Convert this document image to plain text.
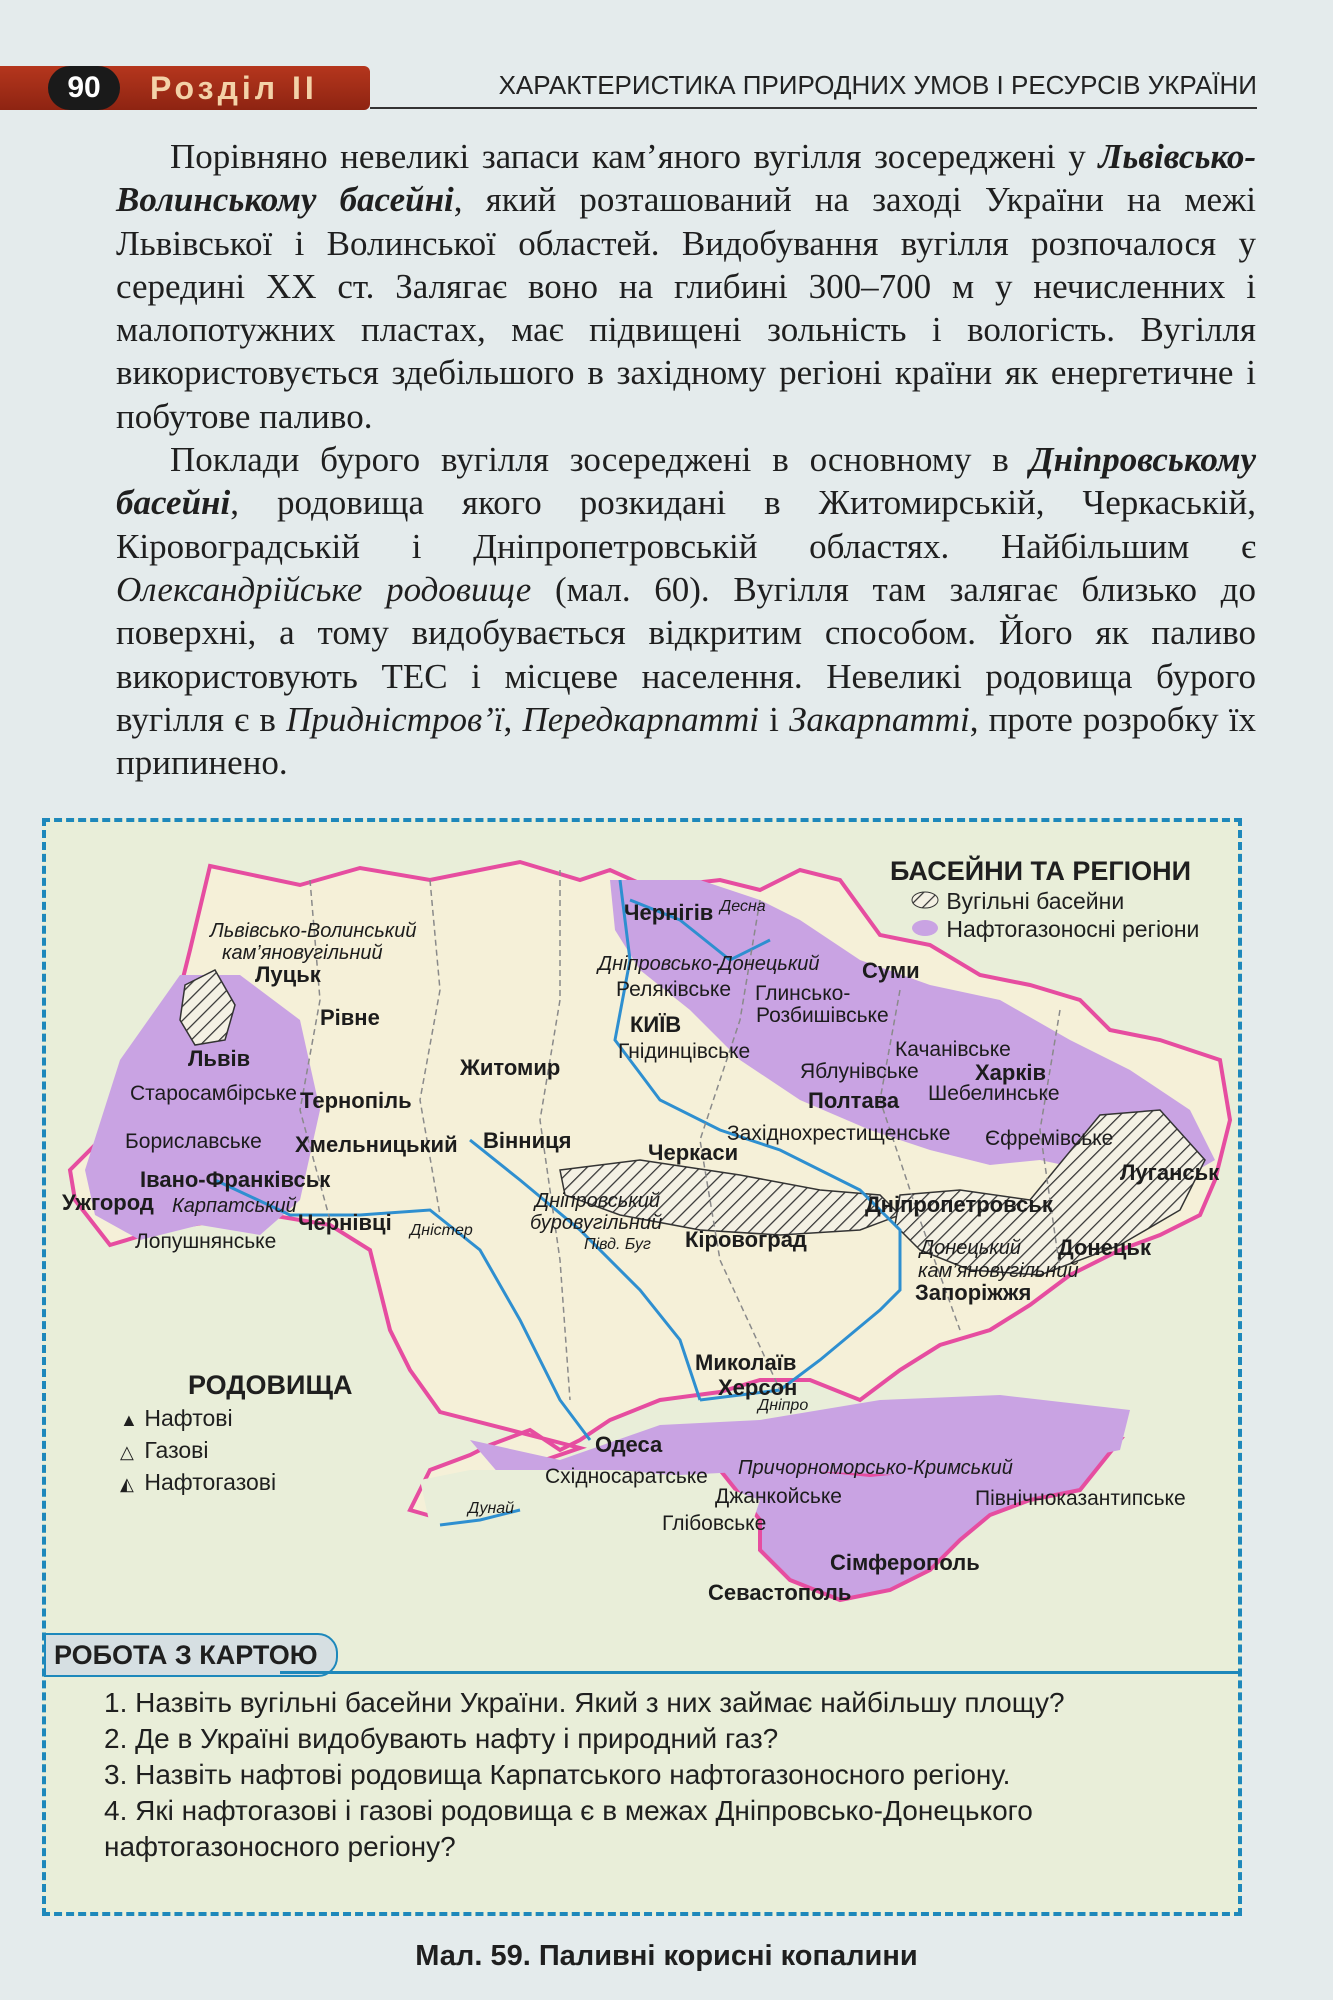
90	Розділ II	ХАРАКТЕРИСТИКА ПРИРОДНИХ УМОВ І РЕСУРСІВ УКРАЇНИ

Порівняно невеликі запаси кам’яного вугілля зосереджені у Львівсько-Волинському басейні, який розташований на заході України на межі Львівської і Волинської областей. Видобування вугілля розпочалося у середині XX ст. Залягає воно на глибині 300–700 м у нечисленних і малопотужних пластах, має підвищені зольність і вологість. Вугілля використовується здебільшого в західному регіоні країни як енергетичне і побутове паливо.

Поклади бурого вугілля зосереджені в основному в Дніпровському басейні, родовища якого розкидані в Житомирській, Черкаській, Кіровоградській і Дніпропетровській областях. Найбільшим є Олександрійське родовище (мал. 60). Вугілля там залягає близько до поверхні, а тому видобувається відкритим способом. Його як паливо використовують ТЕС і місцеве населення. Невеликі родовища бурого вугілля є в Придністров’ї, Передкарпатті і Закарпатті, проте розробку їх припинено.

БАСЕЙНИ ТА РЕГІОНИ
Вугільні басейни
Нафтогазоносні регіони
РОДОВИЩА
▲ Нафтові
△ Газові
◭ Нафтогазові
Львівсько-Волинський
кам’яновугільний
Луцьк
Рівне
Львів
Старосамбірське Тернопіль
Бориславське Хмельницький
Івано-Франківськ
Ужгород Карпатський
Лопушнянське
Чернівці Дністер
Житомир
Вінниця
Чернігів Десна
Дніпровсько-Донецький Суми
Реляківське Глинсько-
Розбишівське
КИЇВ
Гнідинцівське
Яблунівське
Качанівське
Харків
Полтава Шебелинське
Західнохрестищенське Єфремівське
Черкаси
Луганськ
Дніпровський
буровугільний
Півд. Буг Кіровоград
Дніпропетровськ
Донецький
кам’яновугільний
Донецьк
Запоріжжя
Миколаїв
Херсон
Дніпро
Одеса
Східносаратське
Дунай
Причорноморсько-Кримський
Джанкойське	Північноказантипське
Глібовське
Сімферополь
Севастополь
РОБОТА З КАРТОЮ
1. Назвіть вугільні басейни України. Який з них займає найбільшу площу?
2. Де в Україні видобувають нафту і природний газ?
3. Назвіть нафтові родовища Карпатського нафтогазоносного регіону.
4. Які нафтогазові і газові родовища є в межах Дніпровсько-Донецького нафтогазоносного регіону?
Мал. 59. Паливні корисні копалини
